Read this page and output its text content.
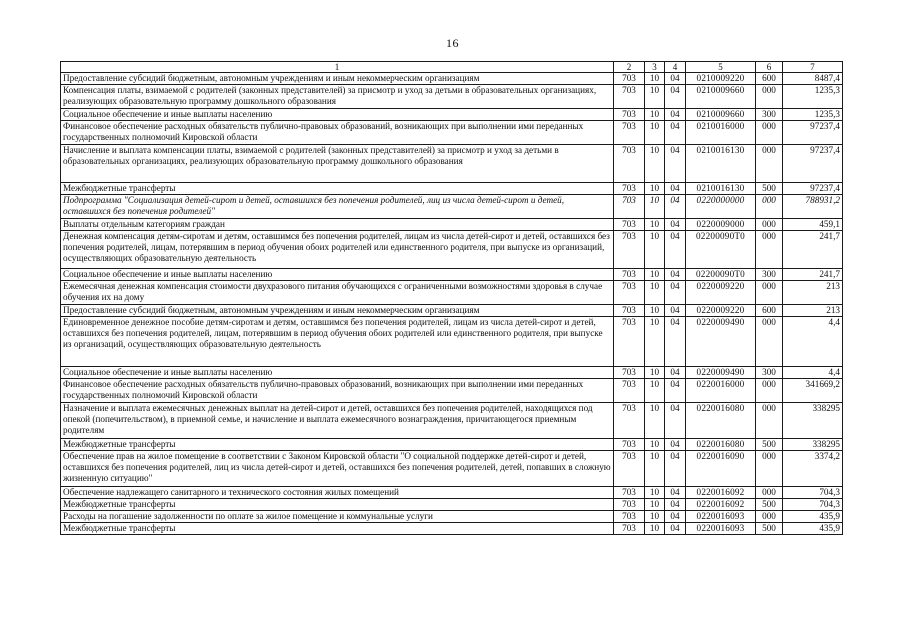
16
1	2	3	4	5	6	7
Предоставление субсидий бюджетным, автономным учреждениям и иным некоммерческим организациям	703	10	04	0210009220	600	8487,4
Компенсация платы, взимаемой с родителей (законных представителей) за присмотр и уход за детьми в образовательных организациях, реализующих образовательную программу дошкольного образования	703	10	04	0210009660	000	1235,3
Социальное обеспечение и иные выплаты населению	703	10	04	0210009660	300	1235,3
Финансовое обеспечение расходных обязательств публично-правовых образований, возникающих при выполнении ими переданных государственных полномочий Кировской области	703	10	04	0210016000	000	97237,4
Начисление и выплата компенсации платы, взимаемой с родителей (законных представителей) за присмотр и уход за детьми в образовательных организациях, реализующих образовательную программу дошкольного образования	703	10	04	0210016130	000	97237,4
Межбюджетные трансферты	703	10	04	0210016130	500	97237,4
Подпрограмма "Социализация детей-сирот и детей, оставшихся без попечения родителей, лиц из числа детей-сирот и детей, оставшихся без попечения родителей"	703	10	04	0220000000	000	788931,2
Выплаты отдельным категориям граждан	703	10	04	0220009000	000	459,1
Денежная компенсация детям-сиротам и детям, оставшимся без попечения родителей, лицам из числа детей-сирот и детей, оставшихся без попечения родителей, лицам, потерявшим в период обучения обоих родителей или единственного родителя, при выпуске из организаций, осуществляющих образовательную деятельность	703	10	04	02200090Т0	000	241,7
Социальное обеспечение и иные выплаты населению	703	10	04	02200090Т0	300	241,7
Ежемесячная денежная компенсация стоимости двухразового питания обучающихся с ограниченными возможностями здоровья в случае обучения их на дому	703	10	04	0220009220	000	213
Предоставление субсидий бюджетным, автономным учреждениям и иным некоммерческим организациям	703	10	04	0220009220	600	213
Единовременное денежное пособие детям-сиротам и детям, оставшимся без попечения родителей, лицам из числа детей-сирот и детей, оставшихся без попечения родителей, лицам, потерявшим в период обучения обоих родителей или единственного родителя, при выпуске из организаций, осуществляющих образовательную деятельность	703	10	04	0220009490	000	4,4
Социальное обеспечение и иные выплаты населению	703	10	04	0220009490	300	4,4
Финансовое обеспечение расходных обязательств публично-правовых образований, возникающих при выполнении ими переданных государственных полномочий Кировской области	703	10	04	0220016000	000	341669,2
Назначение и выплата ежемесячных денежных выплат на детей-сирот и детей, оставшихся без попечения родителей, находящихся под опекой (попечительством), в приемной семье, и начисление и выплата ежемесячного вознаграждения, причитающегося приемным родителям	703	10	04	0220016080	000	338295
Межбюджетные трансферты	703	10	04	0220016080	500	338295
Обеспечение прав на жилое помещение в соответствии с Законом Кировской области "О социальной поддержке детей-сирот и детей, оставшихся без попечения родителей, лиц из числа детей-сирот и детей, оставшихся без попечения родителей, детей, попавших в сложную жизненную ситуацию"	703	10	04	0220016090	000	3374,2
Обеспечение надлежащего санитарного и технического состояния жилых помещений	703	10	04	0220016092	000	704,3
Межбюджетные трансферты	703	10	04	0220016092	500	704,3
Расходы на погашение задолженности по оплате за жилое помещение и коммунальные услуги	703	10	04	0220016093	000	435,9
Межбюджетные трансферты	703	10	04	0220016093	500	435,9
